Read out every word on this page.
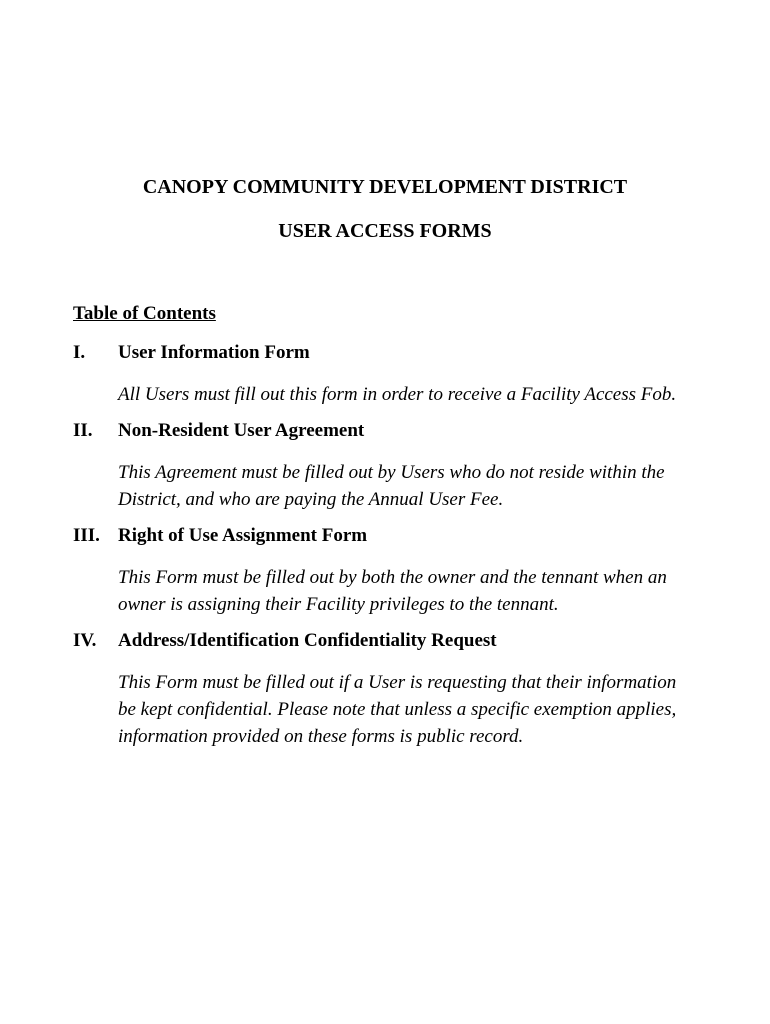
CANOPY COMMUNITY DEVELOPMENT DISTRICT
USER ACCESS FORMS

Table of Contents

I.	User Information Form

All Users must fill out this form in order to receive a Facility Access Fob.

II.	Non-Resident User Agreement

This Agreement must be filled out by Users who do not reside within the District, and who are paying the Annual User Fee.

III. Right of Use Assignment Form

This Form must be filled out by both the owner and the tennant when an owner is assigning their Facility privileges to the tennant.

IV.	Address/Identification Confidentiality Request

This Form must be filled out if a User is requesting that their information be kept confidential. Please note that unless a specific exemption applies, information provided on these forms is public record.
